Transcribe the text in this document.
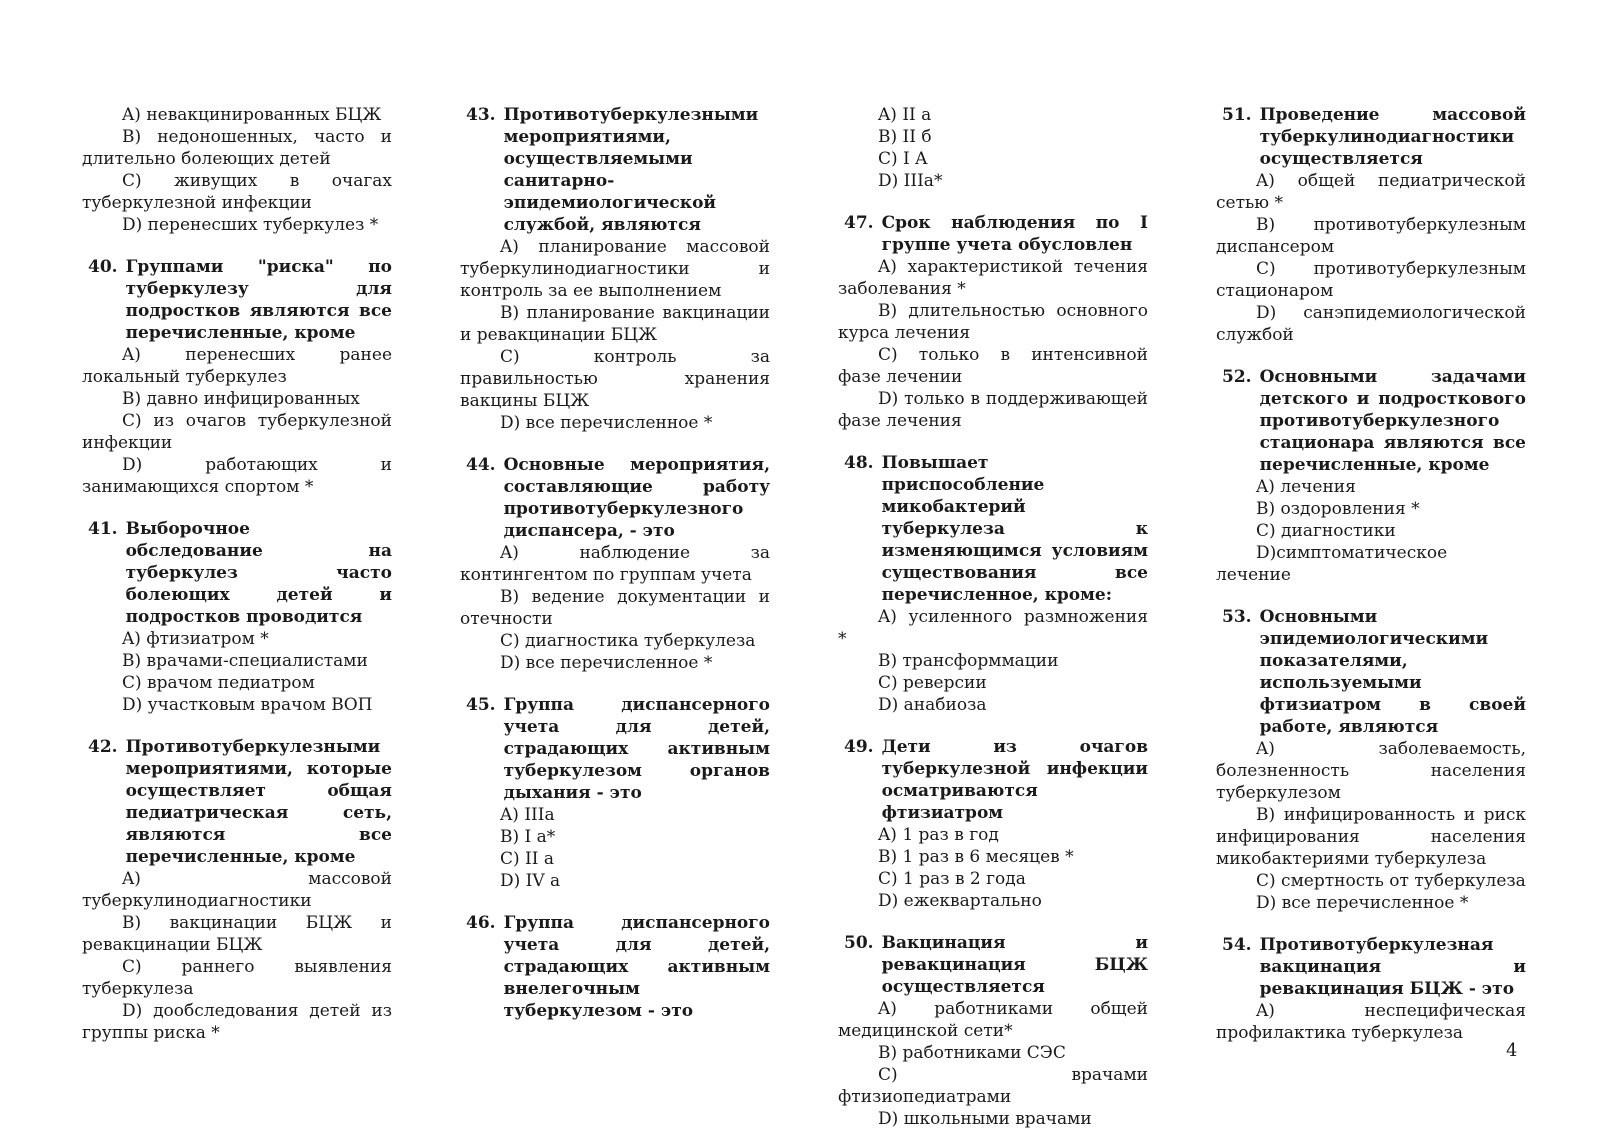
A) невакцинированных БЦЖ
B) недоношенных, часто и длительно болеющих детей
C) живущих в очагах туберкулезной инфекции
D) перенесших туберкулез *
40. Группами "риска" по туберкулезу для подростков являются все перечисленные, кроме
A) перенесших ранее локальный туберкулез
B) давно инфицированных
C) из очагов туберкулезной инфекции
D) работающих и занимающихся спортом *
41. Выборочное обследование на туберкулез часто болеющих детей и подростков проводится
A) фтизиатром *
B) врачами-специалистами
C) врачом педиатром
D) участковым врачом ВОП
42. Противотуберкулезными мероприятиями, которые осуществляет общая педиатрическая сеть, являются все перечисленные, кроме
A) массовой туберкулинодиагностики
B) вакцинации БЦЖ и ревакцинации БЦЖ
C) раннего выявления туберкулеза
D) дообследования детей из группы риска *
43. Противотуберкулезными мероприятиями, осуществляемыми санитарно-эпидемиологической службой, являются
A) планирование массовой туберкулинодиагностики и контроль за ее выполнением
B) планирование вакцинации и ревакцинации БЦЖ
C) контроль за правильностью хранения вакцины БЦЖ
D) все перечисленное *
44. Основные мероприятия, составляющие работу противотуберкулезного диспансера, - это
A) наблюдение за контингентом по группам учета
B) ведение документации и отечности
C) диагностика туберкулеза
D) все перечисленное *
45. Группа диспансерного учета для детей, страдающих активным туберкулезом органов дыхания - это
A) IIIa
B) I a*
C) II a
D) IV a
46. Группа диспансерного учета для детей, страдающих активным внелегочным туберкулезом - это
A) II a
B) II б
C) I A
D) IIIa*
47. Срок наблюдения по I группе учета обусловлен
A) характеристикой течения заболевания *
B) длительностью основного курса лечения
C) только в интенсивной фазе лечении
D) только в поддерживающей фазе лечения
48. Повышает приспособление микобактерий туберкулеза к изменяющимся условиям существования все перечисленное, кроме:
A) усиленного размножения *
B) трансформмации
C) реверсии
D) анабиоза
49. Дети из очагов туберкулезной инфекции осматриваются фтизиатром
A) 1 раз в год
B) 1 раз в 6 месяцев *
C) 1 раз в 2 года
D) ежеквартально
50. Вакцинация и ревакцинация БЦЖ осуществляется
A) работниками общей медицинской сети*
B) работниками СЭС
C) врачами фтизиопедиатрами
D) школьными врачами
51. Проведение массовой туберкулинодиагностики осуществляется
A) общей педиатрической сетью *
B) противотуберкулезным диспансером
C) противотуберкулезным стационаром
D) санэпидемиологической службой
52. Основными задачами детского и подросткового противотуберкулезного стационара являются все перечисленные, кроме
A) лечения
B) оздоровления *
C) диагностики
D)симптоматическое лечение
53. Основными эпидемиологическими показателями, используемыми фтизиатром в своей работе, являются
A) заболеваемость, болезненность населения туберкулезом
B) инфицированность и риск инфицирования населения микобактериями туберкулеза
C) смертность от туберкулеза
D) все перечисленное *
54. Противотуберкулезная вакцинация и ревакцинация БЦЖ - это
A) неспецифическая профилактика туберкулеза
4
